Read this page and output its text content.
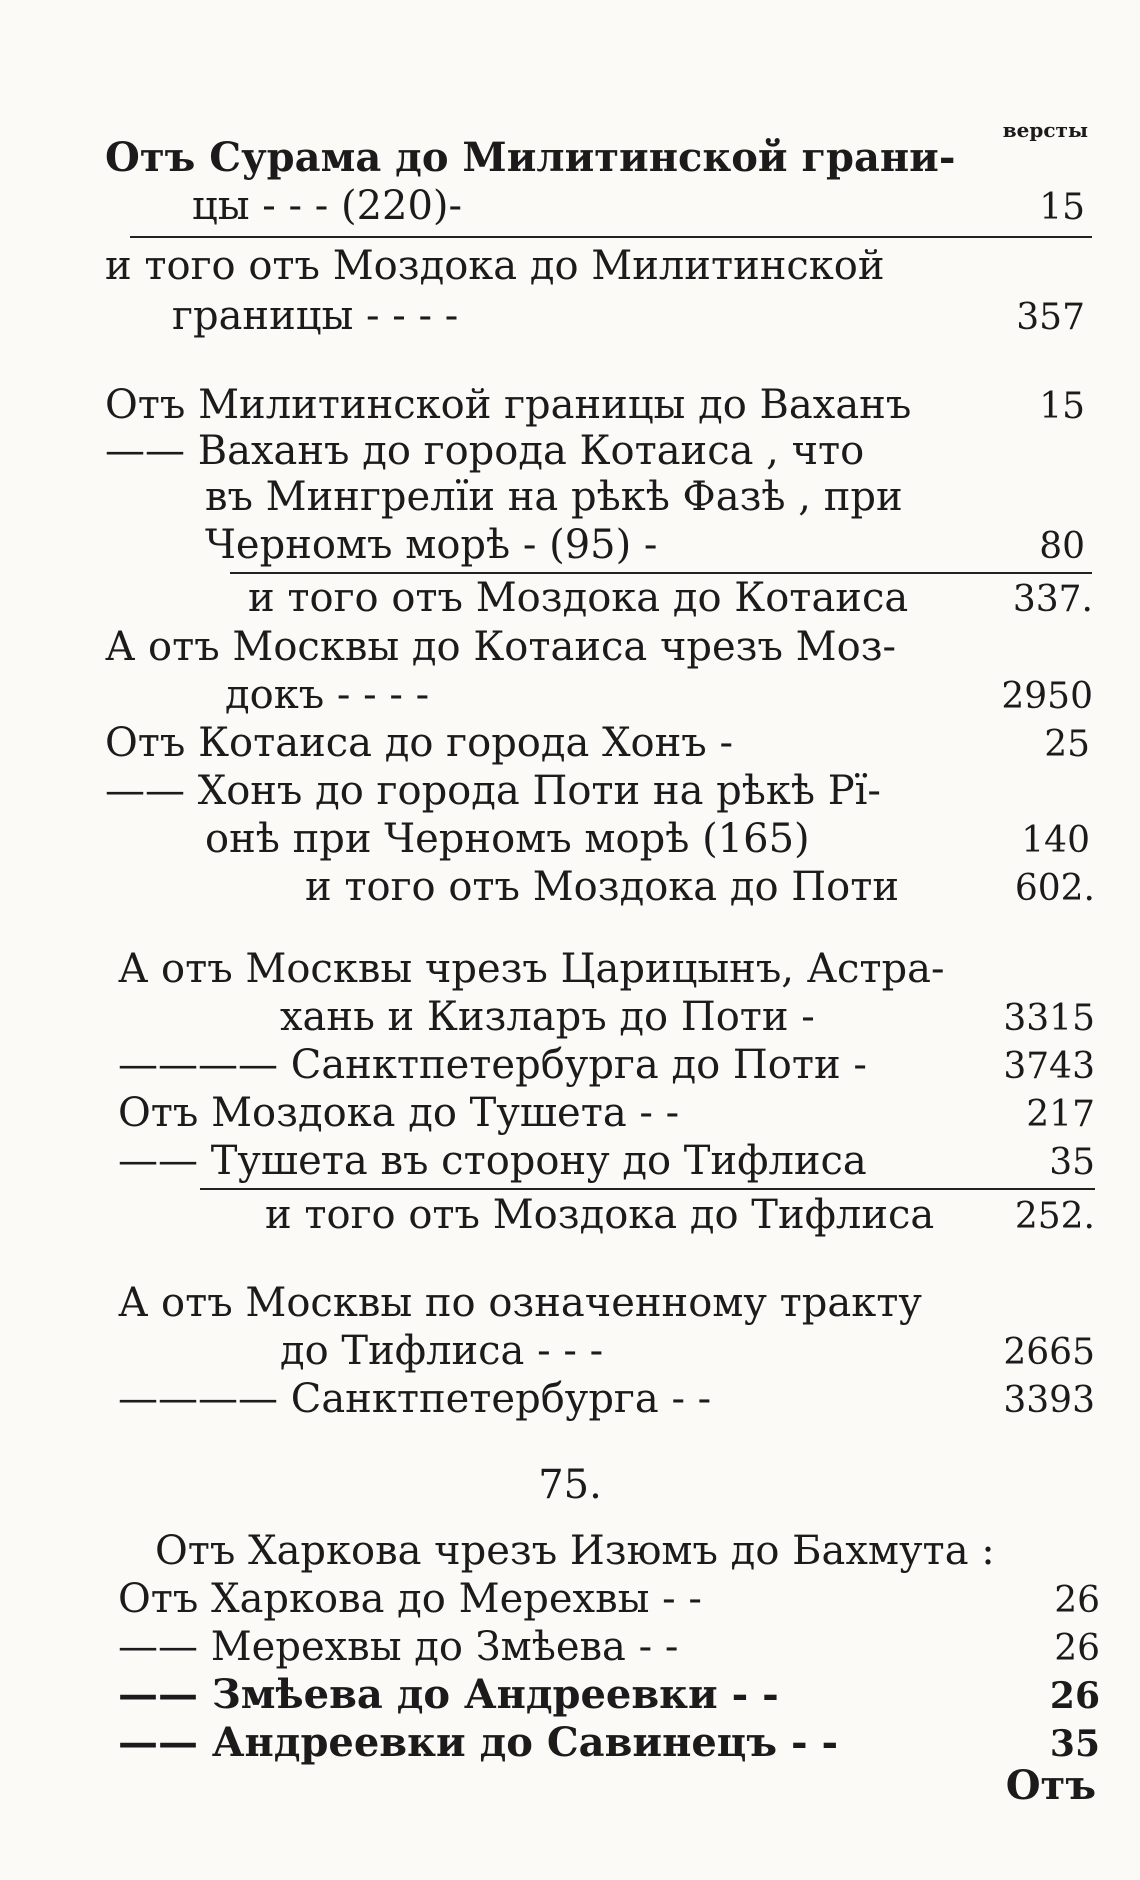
версты
Отъ Сурама до Милитинской грани-
цы - - - (220)-	15
и того отъ Моздока до Милитинской
границы - - - -	357
Отъ Милитинской границы до Ваханъ	15
—— Ваханъ до города Котаиса , что
въ Мингрелїи на рѣкѣ Фазѣ , при
Черномъ морѣ - (95) -	80
и того отъ Моздока до Котаиса	337.
А отъ Москвы до Котаиса чрезъ Моз-
докъ - - - -	2950
Отъ Котаиса до города Хонъ -	25
—— Хонъ до города Поти на рѣкѣ Рї-
онѣ при Черномъ морѣ (165)	140
и того отъ Моздока до Поти	602.
А отъ Москвы чрезъ Царицынъ, Астра-
хань и Кизларъ до Поти -	3315
———— Санктпетербурга до Поти -	3743
Отъ Моздока до Тушета - -	217
—— Тушета въ сторону до Тифлиса	35
и того отъ Моздока до Тифлиса	252.
А отъ Москвы по означенному тракту
до Тифлиса - - -	2665
———— Санктпетербурга - -	3393
75.
Отъ Харкова чрезъ Изюмъ до Бахмута :
Отъ Харкова до Мерехвы - -	26
—— Мерехвы до Змѣева - -	26
—— Змѣева до Андреевки - -	26
—— Андреевки до Савинецъ - -	35
Отъ
